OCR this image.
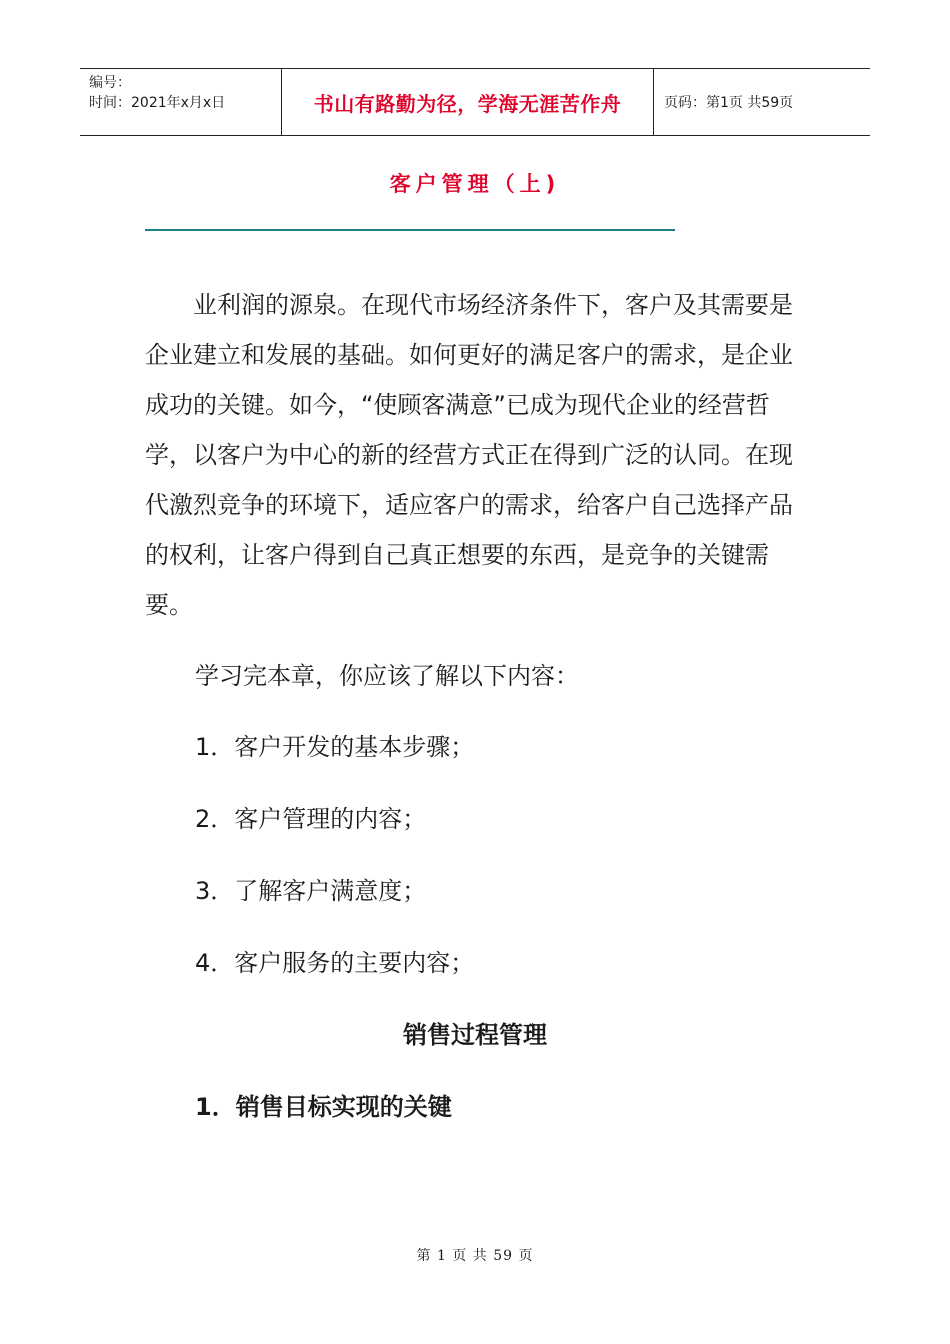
编号：
时间：2021年x月x日	书山有路勤为径，学海无涯苦作舟	页码：第1页 共59页
客户管理（上)

业利润的源泉。在现代市场经济条件下，客户及其需要是企业建立和发展的基础。如何更好的满足客户的需求，是企业成功的关键。如今，“使顾客满意”已成为现代企业的经营哲学，以客户为中心的新的经营方式正在得到广泛的认同。在现代激烈竞争的环境下，适应客户的需求，给客户自己选择产品的权利，让客户得到自己真正想要的东西，是竞争的关键需要。

学习完本章，你应该了解以下内容：
1．客户开发的基本步骤；
2．客户管理的内容；
3．了解客户满意度；
4．客户服务的主要内容；
销售过程管理
1．销售目标实现的关键
第 1 页 共 59 页
